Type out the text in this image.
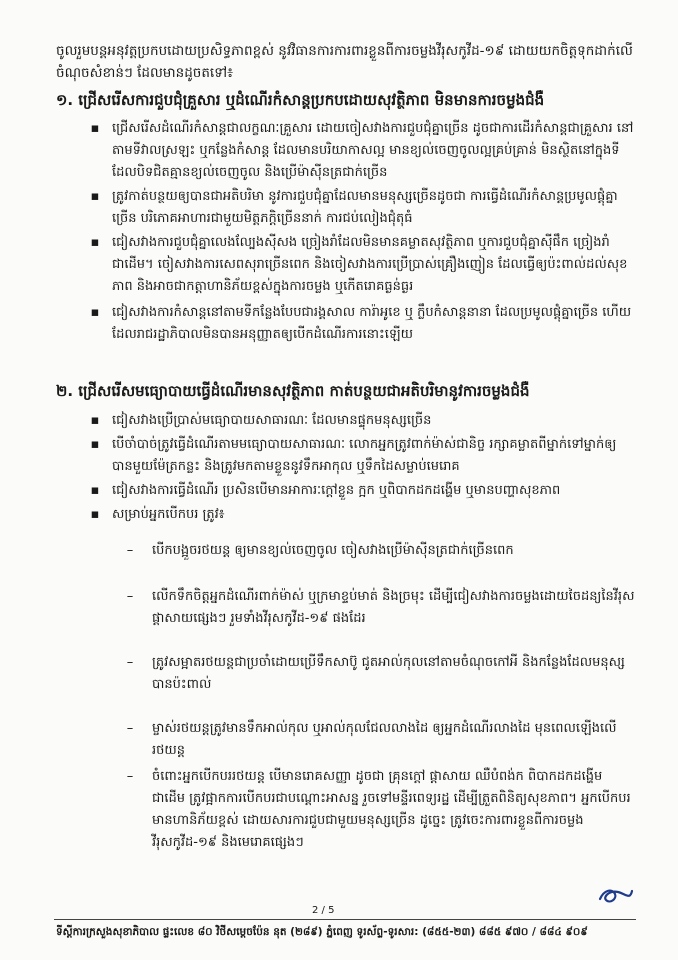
ចូលរួមបន្តអនុវត្តប្រកបដោយប្រសិទ្ធភាពខ្ពស់ នូវវិធានការការពារខ្លួនពីការចម្លងវីរុសកូវីដ-១៩ ដោយយកចិត្តទុកដាក់លើចំណុចសំខាន់ៗ ដែលមានដូចតទៅ៖
១. ជ្រើសរើសការជួបជុំគ្រួសារ ឬដំណើរកំសាន្តប្រកបដោយសុវត្ថិភាព មិនមានការចម្លងជំងឺ
▪ ជ្រើសរើសដំណើរកំសាន្តជាលក្ខណៈគ្រួសារ ដោយចៀសវាងការជួបជុំគ្នាច្រើន ដូចជាការដើរកំសាន្តជាគ្រួសារ នៅតាមទីវាលស្រឡះ ឬកន្លែងកំសាន្ត ដែលមានបរិយាកាសល្អ មានខ្យល់ចេញចូលល្អគ្រប់គ្រាន់ មិនស្ថិតនៅក្នុងទីដែលបិទជិតគ្មានខ្យល់ចេញចូល និងប្រើម៉ាស៊ីនត្រជាក់ច្រើន
▪ ត្រូវកាត់បន្ថយឲ្យបានជាអតិបរិមា នូវការជួបជុំគ្នាដែលមានមនុស្សច្រើនដូចជា ការធ្វើដំណើរកំសាន្តប្រមូលផ្តុំគ្នាច្រើន បរិភោគអាហារជាមួយមិត្តភក្តិច្រើននាក់ ការជប់លៀងជុំតុធំ
▪ ជៀសវាងការជួបជុំគ្នាលេងល្បែងស៊ីសង ច្រៀងរាំដែលមិនមានគម្លាតសុវត្ថិភាព ឬការជួបជុំគ្នាស៊ីផឹក ច្រៀងរាំជាដើម។ ចៀសវាងការសេពសុរាច្រើនពេក និងចៀសវាងការប្រើប្រាស់គ្រឿងញៀន ដែលធ្វើឲ្យប៉ះពាល់ដល់សុខភាព និងអាចជាកត្តាហានិភ័យខ្ពស់ក្នុងការចម្លង ឬកើតរោគធ្ងន់ធ្ងរ
▪ ជៀសវាងការកំសាន្តនៅតាមទីកន្លែងបែបជារង្គសាល ការ៉ាអូខេ ឬ ក្លឹបកំសាន្តនានា ដែលប្រមូលផ្តុំគ្នាច្រើន ហើយដែលរាជរដ្ឋាភិបាលមិនបានអនុញ្ញាតឲ្យបើកដំណើរការនោះឡើយ
២. ជ្រើសរើសមធ្យោបាយធ្វើដំណើរមានសុវត្ថិភាព កាត់បន្ថយជាអតិបរិមានូវការចម្លងជំងឺ
▪ ជៀសវាងប្រើប្រាស់មធ្យោបាយសាធារណៈ ដែលមានផ្ទុកមនុស្សច្រើន
▪ បើចាំបាច់ត្រូវធ្វើដំណើរតាមមធ្យោបាយសាធារណៈ លោកអ្នកត្រូវពាក់ម៉ាស់ជានិច្ច រក្សាគម្លាតពីម្នាក់ទៅម្នាក់ឲ្យបានមួយម៉ែត្រកន្លះ និងត្រូវមកតាមខ្លួននូវទឹកអាកុល ឬទឹកដៃសម្លាប់មេរោគ
▪ ជៀសវាងការធ្វើដំណើរ ប្រសិនបើមានអាការៈក្តៅខ្លួន ក្អក ឬពិបាកដកដង្ហើម ឬមានបញ្ហាសុខភាព
▪ សម្រាប់អ្នកបើកបរ ត្រូវ៖
–	បើកបង្អួចរថយន្ត ឲ្យមានខ្យល់ចេញចូល ចៀសវាងប្រើម៉ាស៊ីនត្រជាក់ច្រើនពេក
–	លើកទឹកចិត្តអ្នកដំណើរពាក់ម៉ាស់ ឬក្រមាខ្ទប់មាត់ និងច្រមុះ ដើម្បីជៀសវាងការចម្លងដោយចៃដន្យនៃវីរុសផ្តាសាយផ្សេងៗ រួមទាំងវីរុសកូវីដ-១៩ ផងដែរ
–	ត្រូវសម្អាតរថយន្តជាប្រចាំដោយប្រើទឹកសាប៊ូ ជូតអាល់កុលនៅតាមចំណុចកៅអី និងកន្លែងដែលមនុស្សបានប៉ះពាល់
–	ម្ចាស់រថយន្តត្រូវមានទឹកអាល់កុល ឬអាល់កុលជែលលាងដៃ ឲ្យអ្នកដំណើរលាងដៃ មុនពេលឡើងលើរថយន្ត
–	ចំពោះអ្នកបើកបររថយន្ត បើមានរោគសញ្ញា ដូចជា គ្រុនក្តៅ ផ្តាសាយ ឈឺបំពង់ក ពិបាកដកដង្ហើម ជាដើម ត្រូវផ្អាកការបើកបរជាបណ្តោះអាសន្ន រួចទៅមន្ទីរពេទ្យរដ្ឋ ដើម្បីត្រួតពិនិត្យសុខភាព។ អ្នកបើកបរ មានហានិភ័យខ្ពស់ ដោយសារការជួបជាមួយមនុស្សច្រើន ដូច្នេះ ត្រូវចេះការពារខ្លួនពីការចម្លងវីរុសកូវីដ-១៩ និងមេរោគផ្សេងៗ
2 / 5
ទីស្តីការក្រសួងសុខាភិបាល ផ្ទះលេខ ៨០ វិថីសម្តេចប៉ែន នុត (២៨៩) ភ្នំពេញ ទូរស័ព្ទ-ទូរសារ: (៨៥៥-២៣) ៨៨៥ ៩៧០ / ៨៨៤ ៩០៩
